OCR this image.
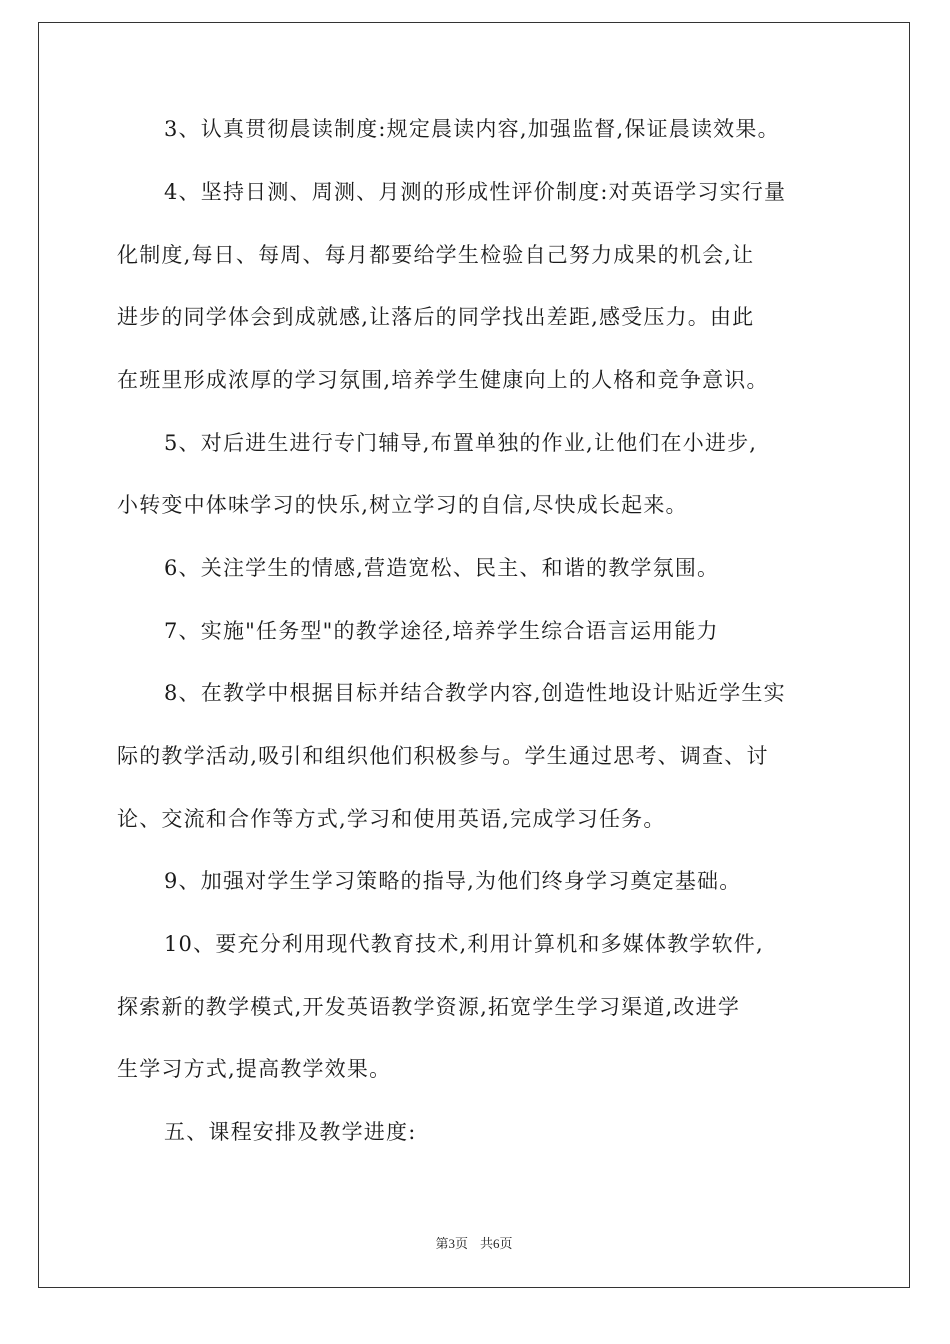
3、认真贯彻晨读制度:规定晨读内容,加强监督,保证晨读效果。
4、坚持日测、周测、月测的形成性评价制度:对英语学习实行量
化制度,每日、每周、每月都要给学生检验自己努力成果的机会,让
进步的同学体会到成就感,让落后的同学找出差距,感受压力。由此
在班里形成浓厚的学习氛围,培养学生健康向上的人格和竞争意识。
5、对后进生进行专门辅导,布置单独的作业,让他们在小进步,
小转变中体味学习的快乐,树立学习的自信,尽快成长起来。
6、关注学生的情感,营造宽松、民主、和谐的教学氛围。
7、实施"任务型"的教学途径,培养学生综合语言运用能力
8、在教学中根据目标并结合教学内容,创造性地设计贴近学生实
际的教学活动,吸引和组织他们积极参与。学生通过思考、调查、讨
论、交流和合作等方式,学习和使用英语,完成学习任务。
9、加强对学生学习策略的指导,为他们终身学习奠定基础。
10、要充分利用现代教育技术,利用计算机和多媒体教学软件,
探索新的教学模式,开发英语教学资源,拓宽学生学习渠道,改进学
生学习方式,提高教学效果。
五、课程安排及教学进度:
第3页 共6页
